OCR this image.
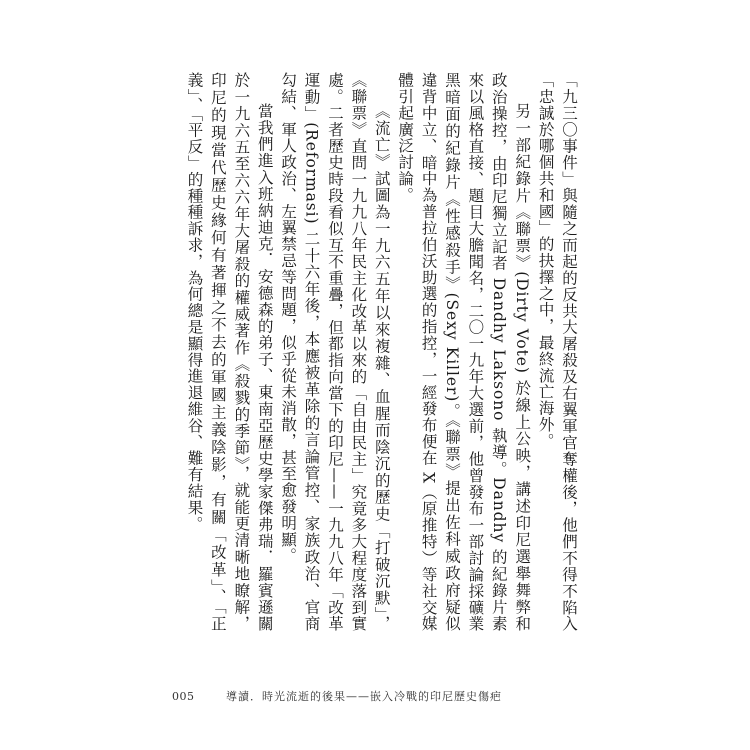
「九三〇事件」與隨之而起的反共大屠殺及右翼軍官奪權後，他們不得不陷入「忠誠於哪個共和國」的抉擇之中，最終流亡海外。

另一部紀錄片《聯票》(Dirty Vote) 於線上公映，講述印尼選舉舞弊和政治操控，由印尼獨立記者 Dandhy Laksono 執導。Dandhy 的紀錄片素來以風格直接、題目大膽聞名，二〇一九年大選前，他曾發布一部討論採礦業黑暗面的紀錄片《性感殺手》(Sexy Killer)。《聯票》提出佐科威政府疑似違背中立、暗中為普拉伯沃助選的指控，一經發布便在 X（原推特）等社交媒體引起廣泛討論。

《流亡》試圖為一九六五年以來複雜、血腥而陰沉的歷史「打破沉默」，《聯票》直問一九九八年民主化改革以來的「自由民主」究竟多大程度落到實處。二者歷史時段看似互不重疊，但都指向當下的印尼——一九九八年「改革運動」(Reformasi) 二十六年後，本應被革除的言論管控、家族政治、官商勾結、軍人政治、左翼禁忌等問題，似乎從未消散，甚至愈發明顯。

當我們進入班納迪克．安德森的弟子、東南亞歷史學家傑弗瑞．羅賓遜關於一九六五至六六年大屠殺的權威著作《殺戮的季節》，就能更清晰地瞭解，印尼的現當代歷史緣何有著揮之不去的軍國主義陰影，有關「改革」、「正義」、「平反」的種種訴求，為何總是顯得進退維谷、難有結果。

005	導讀．時光流逝的後果——嵌入冷戰的印尼歷史傷疤
